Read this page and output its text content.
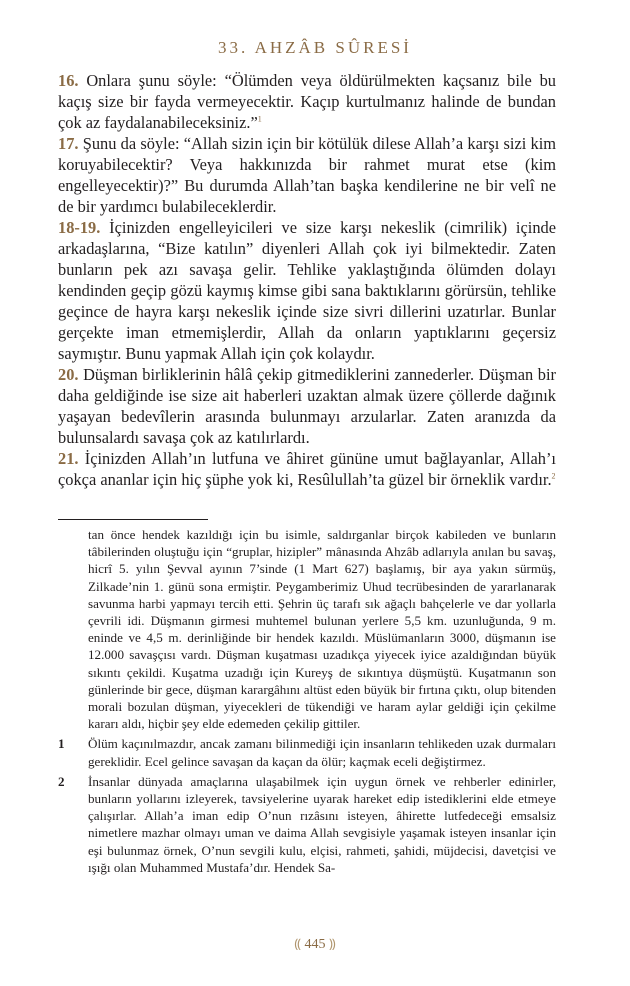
33. AHZÂB SÛRESİ

16. Onlara şunu söyle: “Ölümden veya öldürülmekten kaçsanız bile bu kaçış size bir fayda vermeyecektir. Kaçıp kurtulmanız halinde de bundan çok az faydalanabileceksiniz.”$^1$

17. Şunu da söyle: “Allah sizin için bir kötülük dilese Allah’a karşı sizi kim koruyabilecektir? Veya hakkınızda bir rahmet murat etse (kim engelleyecektir)?” Bu durumda Allah’tan başka kendilerine ne bir velî ne de bir yardımcı bulabileceklerdir.

18-19. İçinizden engelleyicileri ve size karşı nekeslik (cimrilik) içinde arkadaşlarına, “Bize katılın” diyenleri Allah çok iyi bilmektedir. Zaten bunların pek azı savaşa gelir. Tehlike yaklaştığında ölümden dolayı kendinden geçip gözü kaymış kimse gibi sana baktıklarını görürsün, tehlike geçince de hayra karşı nekeslik içinde size sivri dillerini uzatırlar. Bunlar gerçekte iman etmemişlerdir, Allah da onların yaptıklarını geçersiz saymıştır. Bunu yapmak Allah için çok kolaydır.

20. Düşman birliklerinin hâlâ çekip gitmediklerini zannederler. Düşman bir daha geldiğinde ise size ait haberleri uzaktan almak üzere çöllerde dağınık yaşayan bedevîlerin arasında bulunmayı arzularlar. Zaten aranızda da bulunsalardı savaşa çok az katılırlardı.

21. İçinizden Allah’ın lutfuna ve âhiret gününe umut bağlayanlar, Allah’ı çokça ananlar için hiç şüphe yok ki, Resûlullah’ta güzel bir örneklik vardır.$^2$

tan önce hendek kazıldığı için bu isimle, saldırganlar birçok kabileden ve bunların tâbilerinden oluştuğu için “gruplar, hizipler” mânasında Ahzâb adlarıyla anılan bu savaş, hicrî 5. yılın Şevval ayının 7’sinde (1 Mart 627) başlamış, bir aya yakın sürmüş, Zilkade’nin 1. günü sona ermiştir. Peygamberimiz Uhud tecrübesinden de yararlanarak savunma harbi yapmayı tercih etti. Şehrin üç tarafı sık ağaçlı bahçelerle ve dar yollarla çevrili idi. Düşmanın girmesi muhtemel bulunan yerlere 5,5 km. uzunluğunda, 9 m. eninde ve 4,5 m. derinliğinde bir hendek kazıldı. Müslümanların 3000, düşmanın ise 12.000 savaşçısı vardı. Düşman kuşatması uzadıkça yiyecek iyice azaldığından büyük sıkıntı çekildi. Kuşatma uzadığı için Kureyş de sıkıntıya düşmüştü. Kuşatmanın son günlerinde bir gece, düşman karargâhını altüst eden büyük bir fırtına çıktı, olup bitenden morali bozulan düşman, yiyecekleri de tükendiği ve haram aylar geldiği için çekilme kararı aldı, hiçbir şey elde edemeden çekilip gittiler.

1 Ölüm kaçınılmazdır, ancak zamanı bilinmediği için insanların tehlikeden uzak durmaları gereklidir. Ecel gelince savaşan da kaçan da ölür; kaçmak eceli değiştirmez.

2 İnsanlar dünyada amaçlarına ulaşabilmek için uygun örnek ve rehberler edinirler, bunların yollarını izleyerek, tavsiyelerine uyarak hareket edip istediklerini elde etmeye çalışırlar. Allah’a iman edip O’nun rızâsını isteyen, âhirette lutfedeceği emsalsiz nimetlere mazhar olmayı uman ve daima Allah sevgisiyle yaşamak isteyen insanlar için eşi bulunmaz örnek, O’nun sevgili kulu, elçisi, rahmeti, şahidi, müjdecisi, davetçisi ve ışığı olan Muhammed Mustafa’dır. Hendek Sa-

⸨ 445 ⸩
